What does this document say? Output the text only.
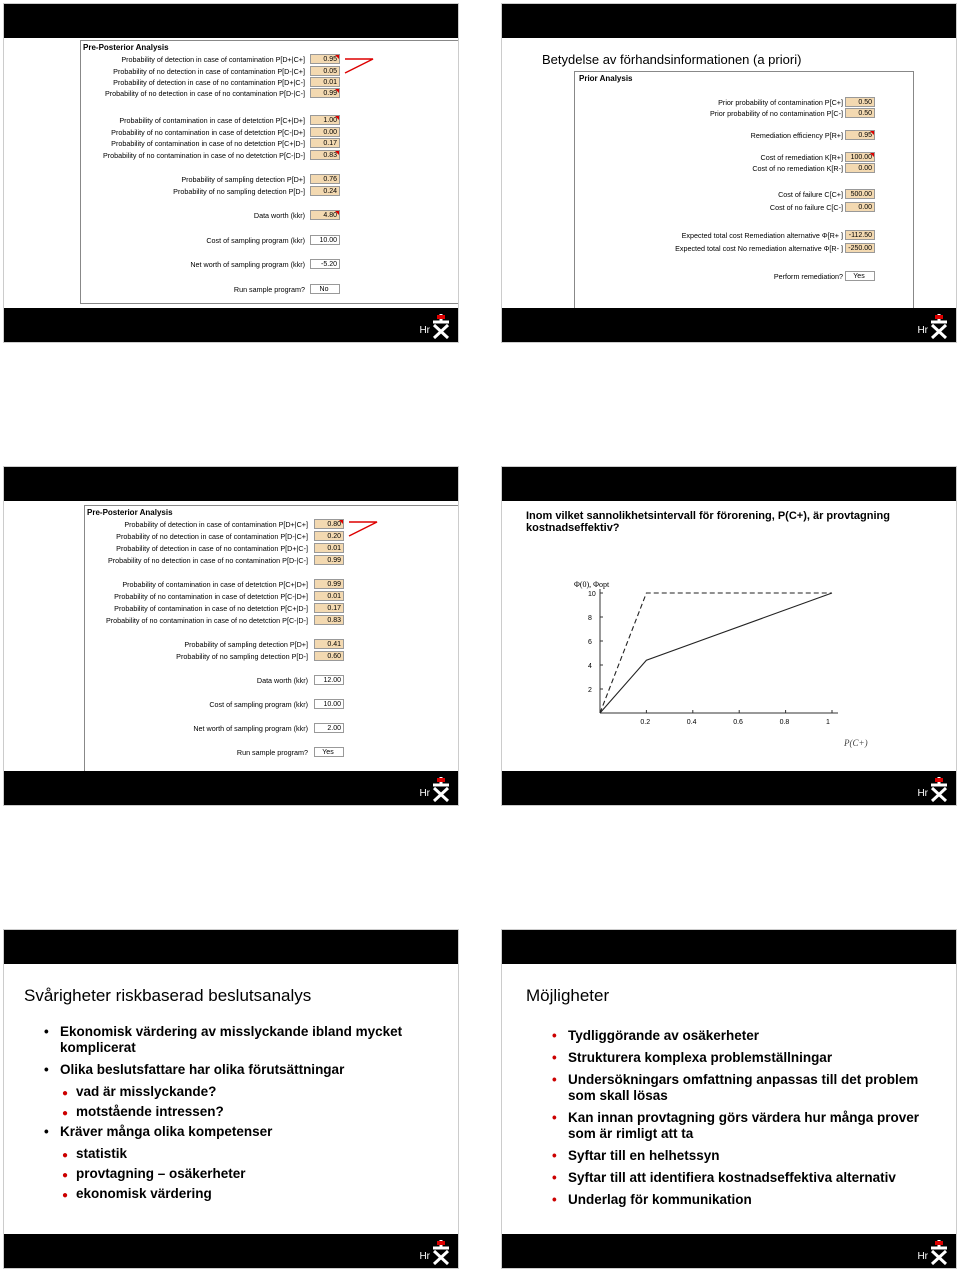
Pre-Posterior Analysis
Probability of detection in case of contamination P[D+|C+]	0.95
Probability of no detection in case of contamination P[D-|C+]	0.05
Probability of detection in case of no contamination P[D+|C-]	0.01
Probability of no detection in case of no contamination P[D-|C-]	0.99
Probability of contamination in case of detetction P[C+|D+]	1.00
Probability of no contamination in case of detetction P[C-|D+]	0.00
Probability of contamination in case of no detetction P[C+|D-]	0.17
Probability of no contamination in case of no detetction P[C-|D-]	0.83
Probability of sampling detection P[D+]	0.76
Probability of no sampling detection P[D-]	0.24
Data worth (kkr)	4.80
Cost of sampling program (kkr)	10.00
Net worth of sampling program (kkr)	-5.20
Run sample program?	No
Hr
Betydelse av förhandsinformationen (a priori)
Prior Analysis
Prior probability of contamination P[C+]	0.50
Prior probability of no contamination P[C-]	0.50
Remediation efficiency P[R+]	0.95
Cost of remediation K[R+]	100.00
Cost of no remediation K[R-]	0.00
Cost of failure C[C+]	500.00
Cost of no failure C[C-]	0.00
Expected total cost Remediation alternative Φ[R+ ] -112.50
Expected total cost No remediation alternative Φ[R- ] -250.00
Perform remediation?	Yes
Hr
Pre-Posterior Analysis
Probability of detection in case of contamination P[D+|C+]	0.80
Probability of no detection in case of contamination P[D-|C+]	0.20
Probability of detection in case of no contamination P[D+|C-]	0.01
Probability of no detection in case of no contamination P[D-|C-]	0.99
Probability of contamination in case of detetction P[C+|D+]	0.99
Probability of no contamination in case of detetction P[C-|D+]	0.01
Probability of contamination in case of no detetction P[C+|D-]	0.17
Probability of no contamination in case of no detetction P[C-|D-]	0.83
Probability of sampling detection P[D+]	0.41
Probability of no sampling detection P[D-]	0.60
Data worth (kkr)	12.00
Cost of sampling program (kkr)	10.00
Net worth of sampling program (kkr)	2.00
Run sample program?	Yes
Hr
Inom vilket sannolikhetsintervall för förorening, P(C+), är provtagning kostnadseffektiv?
Φ(0), Φopt
0.2	0.4	0.6	0.8	1
2
4
6
8
10
P(C+)
Hr
Svårigheter riskbaserad beslutsanalys
• Ekonomisk värdering av misslyckande ibland mycket komplicerat
• Olika beslutsfattare har olika förutsättningar
● vad är misslyckande?
● motstående intressen?
• Kräver många olika kompetenser
● statistik
● provtagning – osäkerheter
● ekonomisk värdering
Hr
Möjligheter
• Tydliggörande av osäkerheter
• Strukturera komplexa problemställningar
• Undersökningars omfattning anpassas till det problem som skall lösas
• Kan innan provtagning görs värdera hur många prover som är rimligt att ta
• Syftar till en helhetssyn
• Syftar till att identifiera kostnadseffektiva alternativ
• Underlag för kommunikation
Hr
